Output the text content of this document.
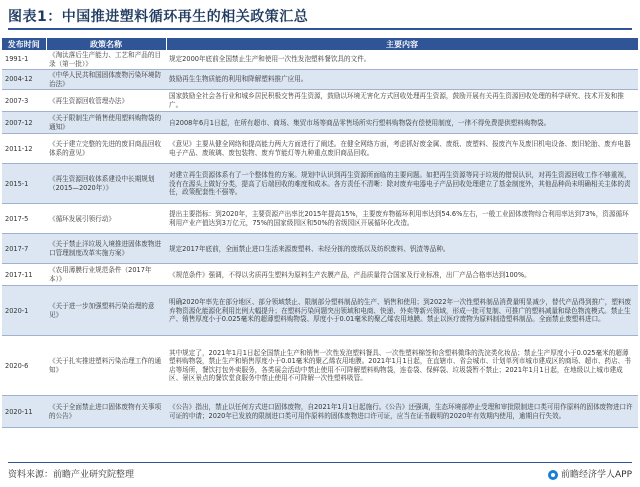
图表1：中国推进塑料循环再生的相关政策汇总
发布时间	政策名称	主要内容
1991-1	《淘汰落后生产能力、工艺和产品的目录（第一批）》	规定2000年底前全国禁止生产和使用一次性发泡塑料餐饮具的文件。
2004-12	《中华人民共和国固体废物污染环境防治法》	鼓励再生生物质能的利用和降解塑料推广应用。
2007-3	《再生资源回收管理办法》	国家鼓励全社会各行业和城乡居民积极交售再生资源，鼓励以环境无害化方式回收处理再生资源，鼓励开展有关再生资源回收处理的科学研究、技术开发和推广。
2007-12	《关于限制生产销售使用塑料购物袋的通知》	自2008年6月1日起，在所有超市、商场、集贸市场等商品零售场所实行塑料购物袋有偿使用制度，一律不得免费提供塑料购物袋。
2011-12	《关于建立完整的先进的废旧商品回收体系的意见》	《意见》主要从健全网络和提高能力两大方面进行了阐述。在健全网络方面，考虑抓好废金属、废纸、废塑料、报废汽车及废旧机电设备、废旧轮胎、废弃电器电子产品、废玻璃、废包装物、废弃节能灯等九种重点废旧商品回收。
2015-1	《再生资源回收体系建设中长期规划（2015—2020年）》	对建立再生资源体系有了一个整体性的方案。规划中认识到再生资源所面临的主要问题。如把再生资源等同于垃圾的错误认识，对再生资源回收工作不够重视，没有在源头上做好分类，提高了后端回收的难度和成本。各方责任不清晰：除对废弃电器电子产品回收处理建立了基金制度外，其他品种尚未明确相关主体的责任，政策配套性不强等。
2017-5	《循环发展引领行动》	提出主要指标：到2020年，主要资源产出率比2015年提高15%，主要废弃物循环利用率达到54.6%左右，一般工业固体废物综合利用率达到73%，资源循环利用产业产值达到3万亿元，75%的国家级园区和50%的省级园区开展循环化改造。
2017-7	《关于禁止洋垃圾入境推进固体废物进口管理制度改革实施方案》	规定2017年底前，全面禁止进口生活来源废塑料、未经分拣的废纸以及纺织废料、钒渣等品种。
2017-11	《农用薄膜行业规范条件（2017年本）》	《规范条件》强调，不得以劣质再生塑料为原料生产农膜产品，产品质量符合国家及行业标准，出厂产品合格率达到100%。
2020-1	《关于进一步加强塑料污染治理的意见》	明确2020年率先在部分地区、部分领域禁止、限制部分塑料制品的生产、销售和使用；到2022年一次性塑料制品消费量明显减少，替代产品得到推广，塑料废弃物资源化能源化利用比例大幅提升；在塑料污染问题突出领域和电商、快递、外卖等新兴领域，形成一批可复制、可推广的塑料减量和绿色物流模式。禁止生产、销售厚度小于0.025毫米的超薄塑料购物袋、厚度小于0.01毫米的聚乙烯农用地膜。禁止以医疗废物为原料制造塑料制品。全面禁止废塑料进口。
2020-6	《关于扎实推进塑料污染治理工作的通知》	其中规定了，2021年1月1日起全国禁止生产和销售一次性发泡塑料餐具、一次性塑料棉签和含塑料微珠的洗浣类化妆品；禁止生产厚度小于0.025毫米的超薄塑料购物袋，禁止生产和销售厚度小于0.01毫米的聚乙烯农用地膜。2021年1月1日起，在直辖市、省会城市、计划单列市城市建成区的商场、超市、药店、书店等场所，餐饮打包外卖服务，各类展会活动中禁止使用不可降解塑料购物袋，连卷袋、保鲜袋、垃圾袋暂不禁止；2021年1月1日起，在地级以上城市建成区、景区景点的餐饮堂食服务中禁止使用不可降解一次性塑料吸管。
2020-11	《关于全面禁止进口固体废物有关事项的公告》	《公告》指出，禁止以任何方式进口固体废物，自2021年1月1日起施行。《公告》还强调，生态环境部停止受理和审批限制进口类可用作原料的固体废物进口许可证的申请；2020年已发放的限制进口类可用作原料的固体废物进口许可证，应当在证书载明的2020年有效期内使用，逾期自行失效。
资料来源：前瞻产业研究院整理	前瞻经济学人APP
